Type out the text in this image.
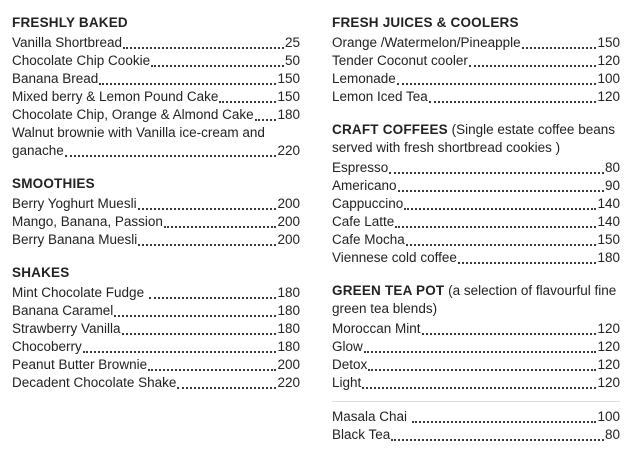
FRESHLY BAKED
Vanilla Shortbread	25
Chocolate Chip Cookie	50
Banana Bread	150
Mixed berry & Lemon Pound Cake	150
Chocolate Chip, Orange & Almond Cake 180
Walnut brownie with Vanilla ice-cream and
ganache	220
SMOOTHIES
Berry Yoghurt Muesli	200
Mango, Banana, Passion	200
Berry Banana Muesli	200
SHAKES
Mint Chocolate Fudge	180
Banana Caramel	180
Strawberry Vanilla	180
Chocoberry	180
Peanut Butter Brownie	200
Decadent Chocolate Shake	220
FRESH JUICES & COOLERS
Orange /Watermelon/Pineapple	150
Tender Coconut cooler	120
Lemonade	100
Lemon Iced Tea	120
CRAFT COFFEES (Single estate coffee beans served with fresh shortbread cookies )
Espresso	80
Americano	90
Cappuccino	140
Cafe Latte	140
Cafe Mocha	150
Viennese cold coffee	180
GREEN TEA POT (a selection of flavourful fine green tea blends)
Moroccan Mint	120
Glow	120
Detox	120
Light	120
Masala Chai	100
Black Tea	80
